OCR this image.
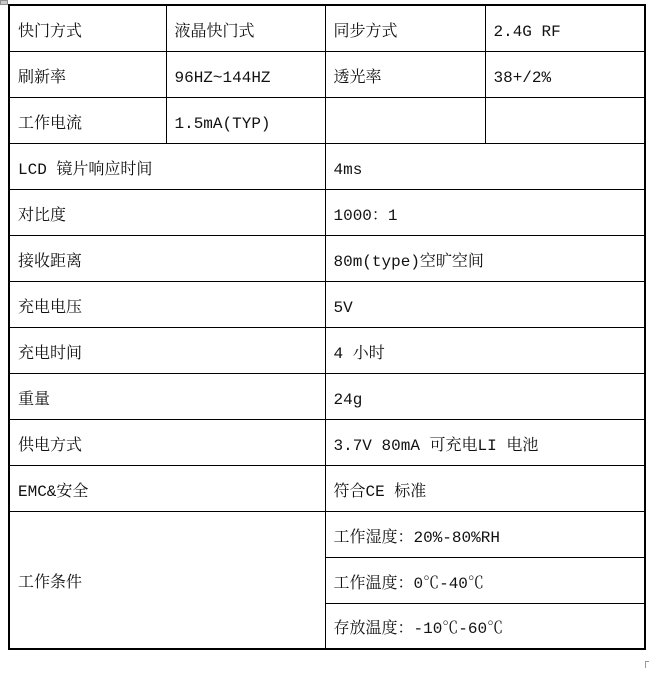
快门方式	液晶快门式	同步方式	2.4G RF
刷新率	96HZ~144HZ	透光率	38+/2%
工作电流	1.5mA(TYP)		
LCD 镜片响应时间		4ms	
对比度		1000：1	
接收距离		80m(type)空旷空间	
充电电压		5V	
充电时间		4 小时	
重量		24g	
供电方式		3.7V 80mA 可充电LI 电池	
EMC&安全		符合CE 标准	
工作条件		工作湿度：20%-80%RH	
		工作温度：0℃-40℃	
		存放温度：-10℃-60℃	
